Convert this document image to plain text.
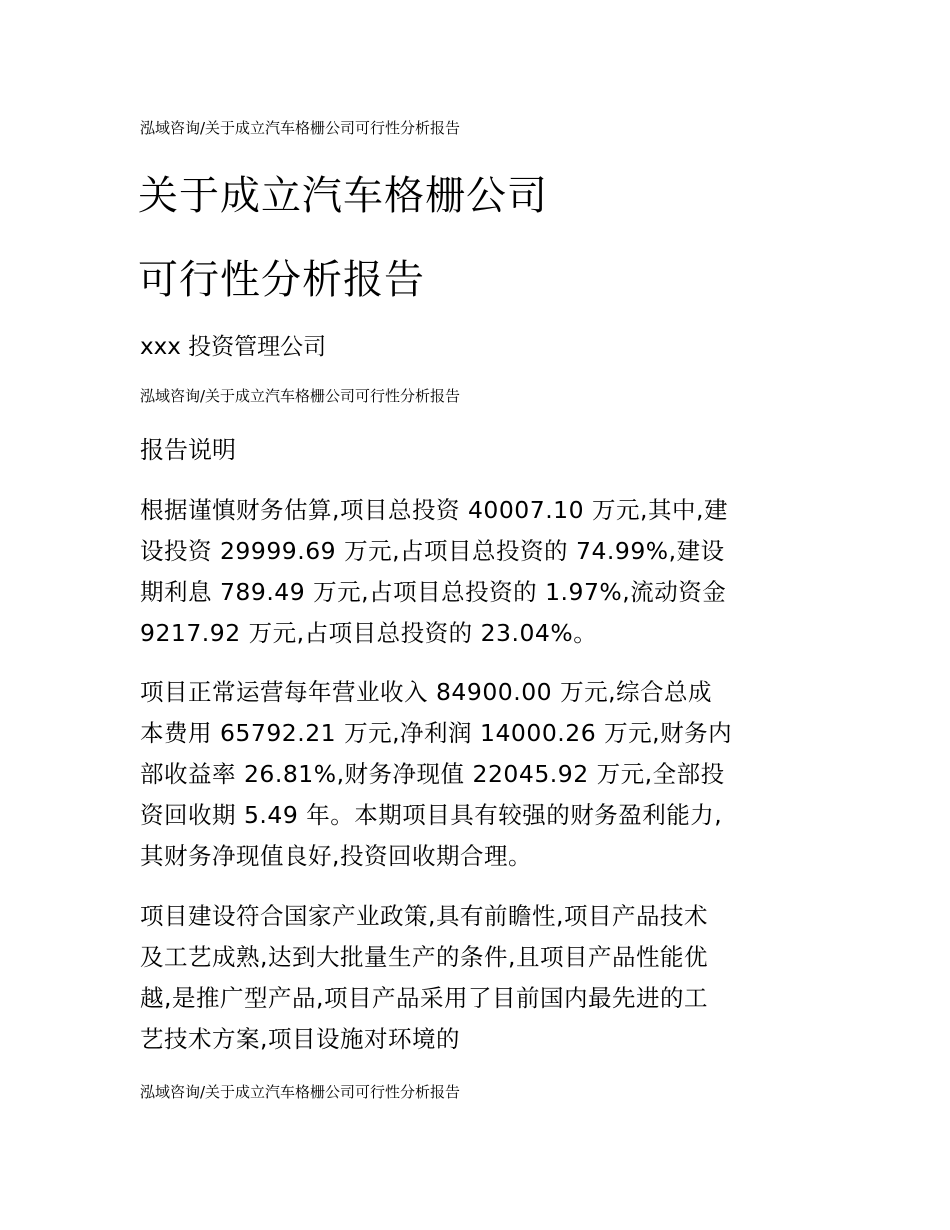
泓域咨询/关于成立汽车格栅公司可行性分析报告
关于成立汽车格栅公司
可行性分析报告
xxx 投资管理公司
泓域咨询/关于成立汽车格栅公司可行性分析报告
报告说明
根据谨慎财务估算,项目总投资 40007.10 万元,其中,建
设投资 29999.69 万元,占项目总投资的 74.99%,建设
期利息 789.49 万元,占项目总投资的 1.97%,流动资金
9217.92 万元,占项目总投资的 23.04%。
项目正常运营每年营业收入 84900.00 万元,综合总成
本费用 65792.21 万元,净利润 14000.26 万元,财务内
部收益率 26.81%,财务净现值 22045.92 万元,全部投
资回收期 5.49 年。本期项目具有较强的财务盈利能力,
其财务净现值良好,投资回收期合理。
项目建设符合国家产业政策,具有前瞻性,项目产品技术
及工艺成熟,达到大批量生产的条件,且项目产品性能优
越,是推广型产品,项目产品采用了目前国内最先进的工
艺技术方案,项目设施对环境的
泓域咨询/关于成立汽车格栅公司可行性分析报告
